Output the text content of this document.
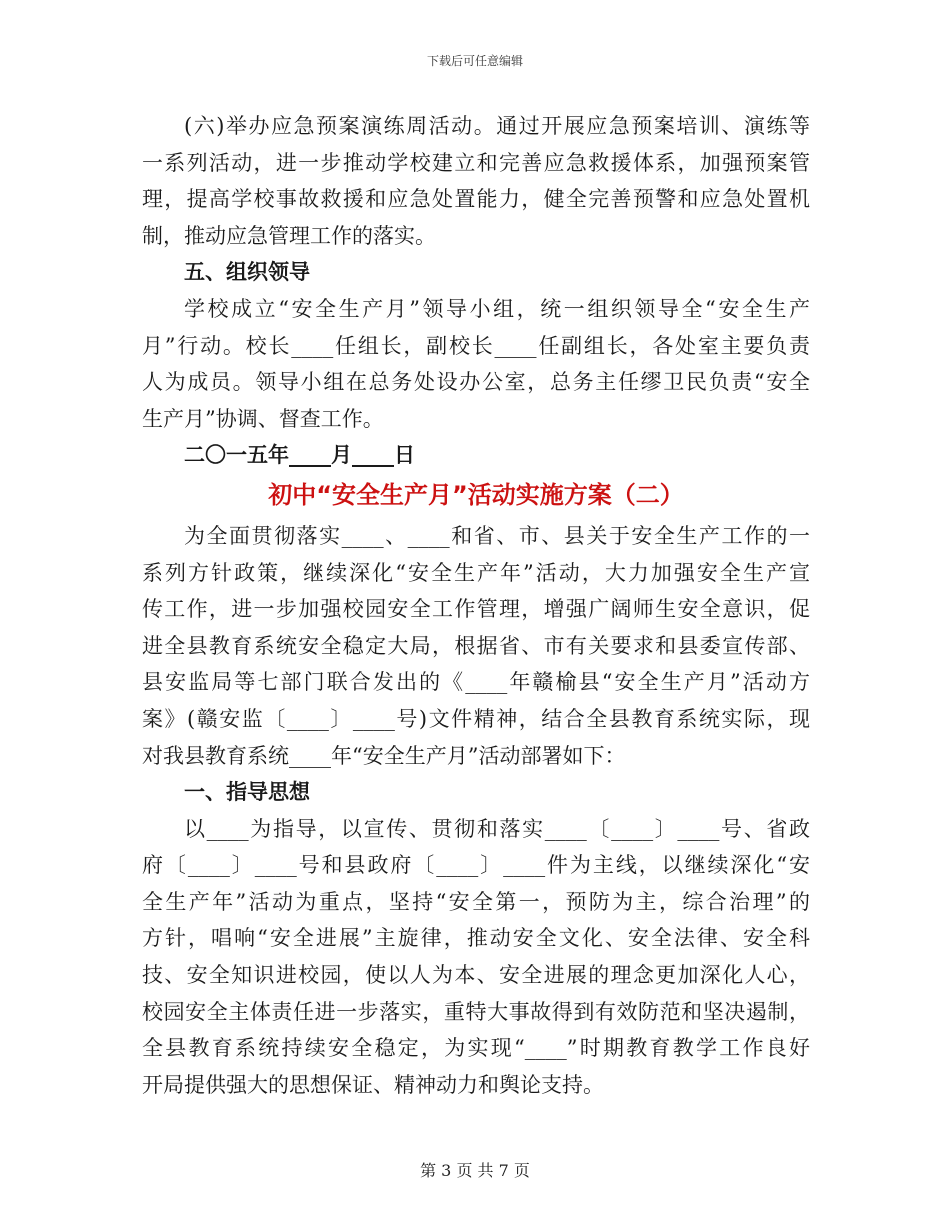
下载后可任意编辑

(六)举办应急预案演练周活动。通过开展应急预案培训、演练等

一系列活动，进一步推动学校建立和完善应急救援体系，加强预案管

理，提高学校事故救援和应急处置能力，健全完善预警和应急处置机

制，推动应急管理工作的落实。

五、组织领导

学校成立“安全生产月”领导小组，统一组织领导全“安全生产

月”行动。校长____任组长，副校长____任副组长，各处室主要负责

人为成员。领导小组在总务处设办公室，总务主任缪卫民负责“安全

生产月”协调、督查工作。

二〇一五年____月____日

初中“安全生产月”活动实施方案（二）

为全面贯彻落实____、____和省、市、县关于安全生产工作的一

系列方针政策，继续深化“安全生产年”活动，大力加强安全生产宣

传工作，进一步加强校园安全工作管理，增强广阔师生安全意识，促

进全县教育系统安全稳定大局，根据省、市有关要求和县委宣传部、

县安监局等七部门联合发出的《____年赣榆县“安全生产月”活动方

案》(赣安监〔____〕____号)文件精神，结合全县教育系统实际，现

对我县教育系统____年“安全生产月”活动部署如下：

一、指导思想

以____为指导，以宣传、贯彻和落实____〔____〕____号、省政

府〔____〕____号和县政府〔____〕____件为主线，以继续深化“安

全生产年”活动为重点，坚持“安全第一，预防为主，综合治理”的

方针，唱响“安全进展”主旋律，推动安全文化、安全法律、安全科

技、安全知识进校园，使以人为本、安全进展的理念更加深化人心，

校园安全主体责任进一步落实，重特大事故得到有效防范和坚决遏制，

全县教育系统持续安全稳定，为实现“____”时期教育教学工作良好

开局提供强大的思想保证、精神动力和舆论支持。

第 3 页 共 7 页
